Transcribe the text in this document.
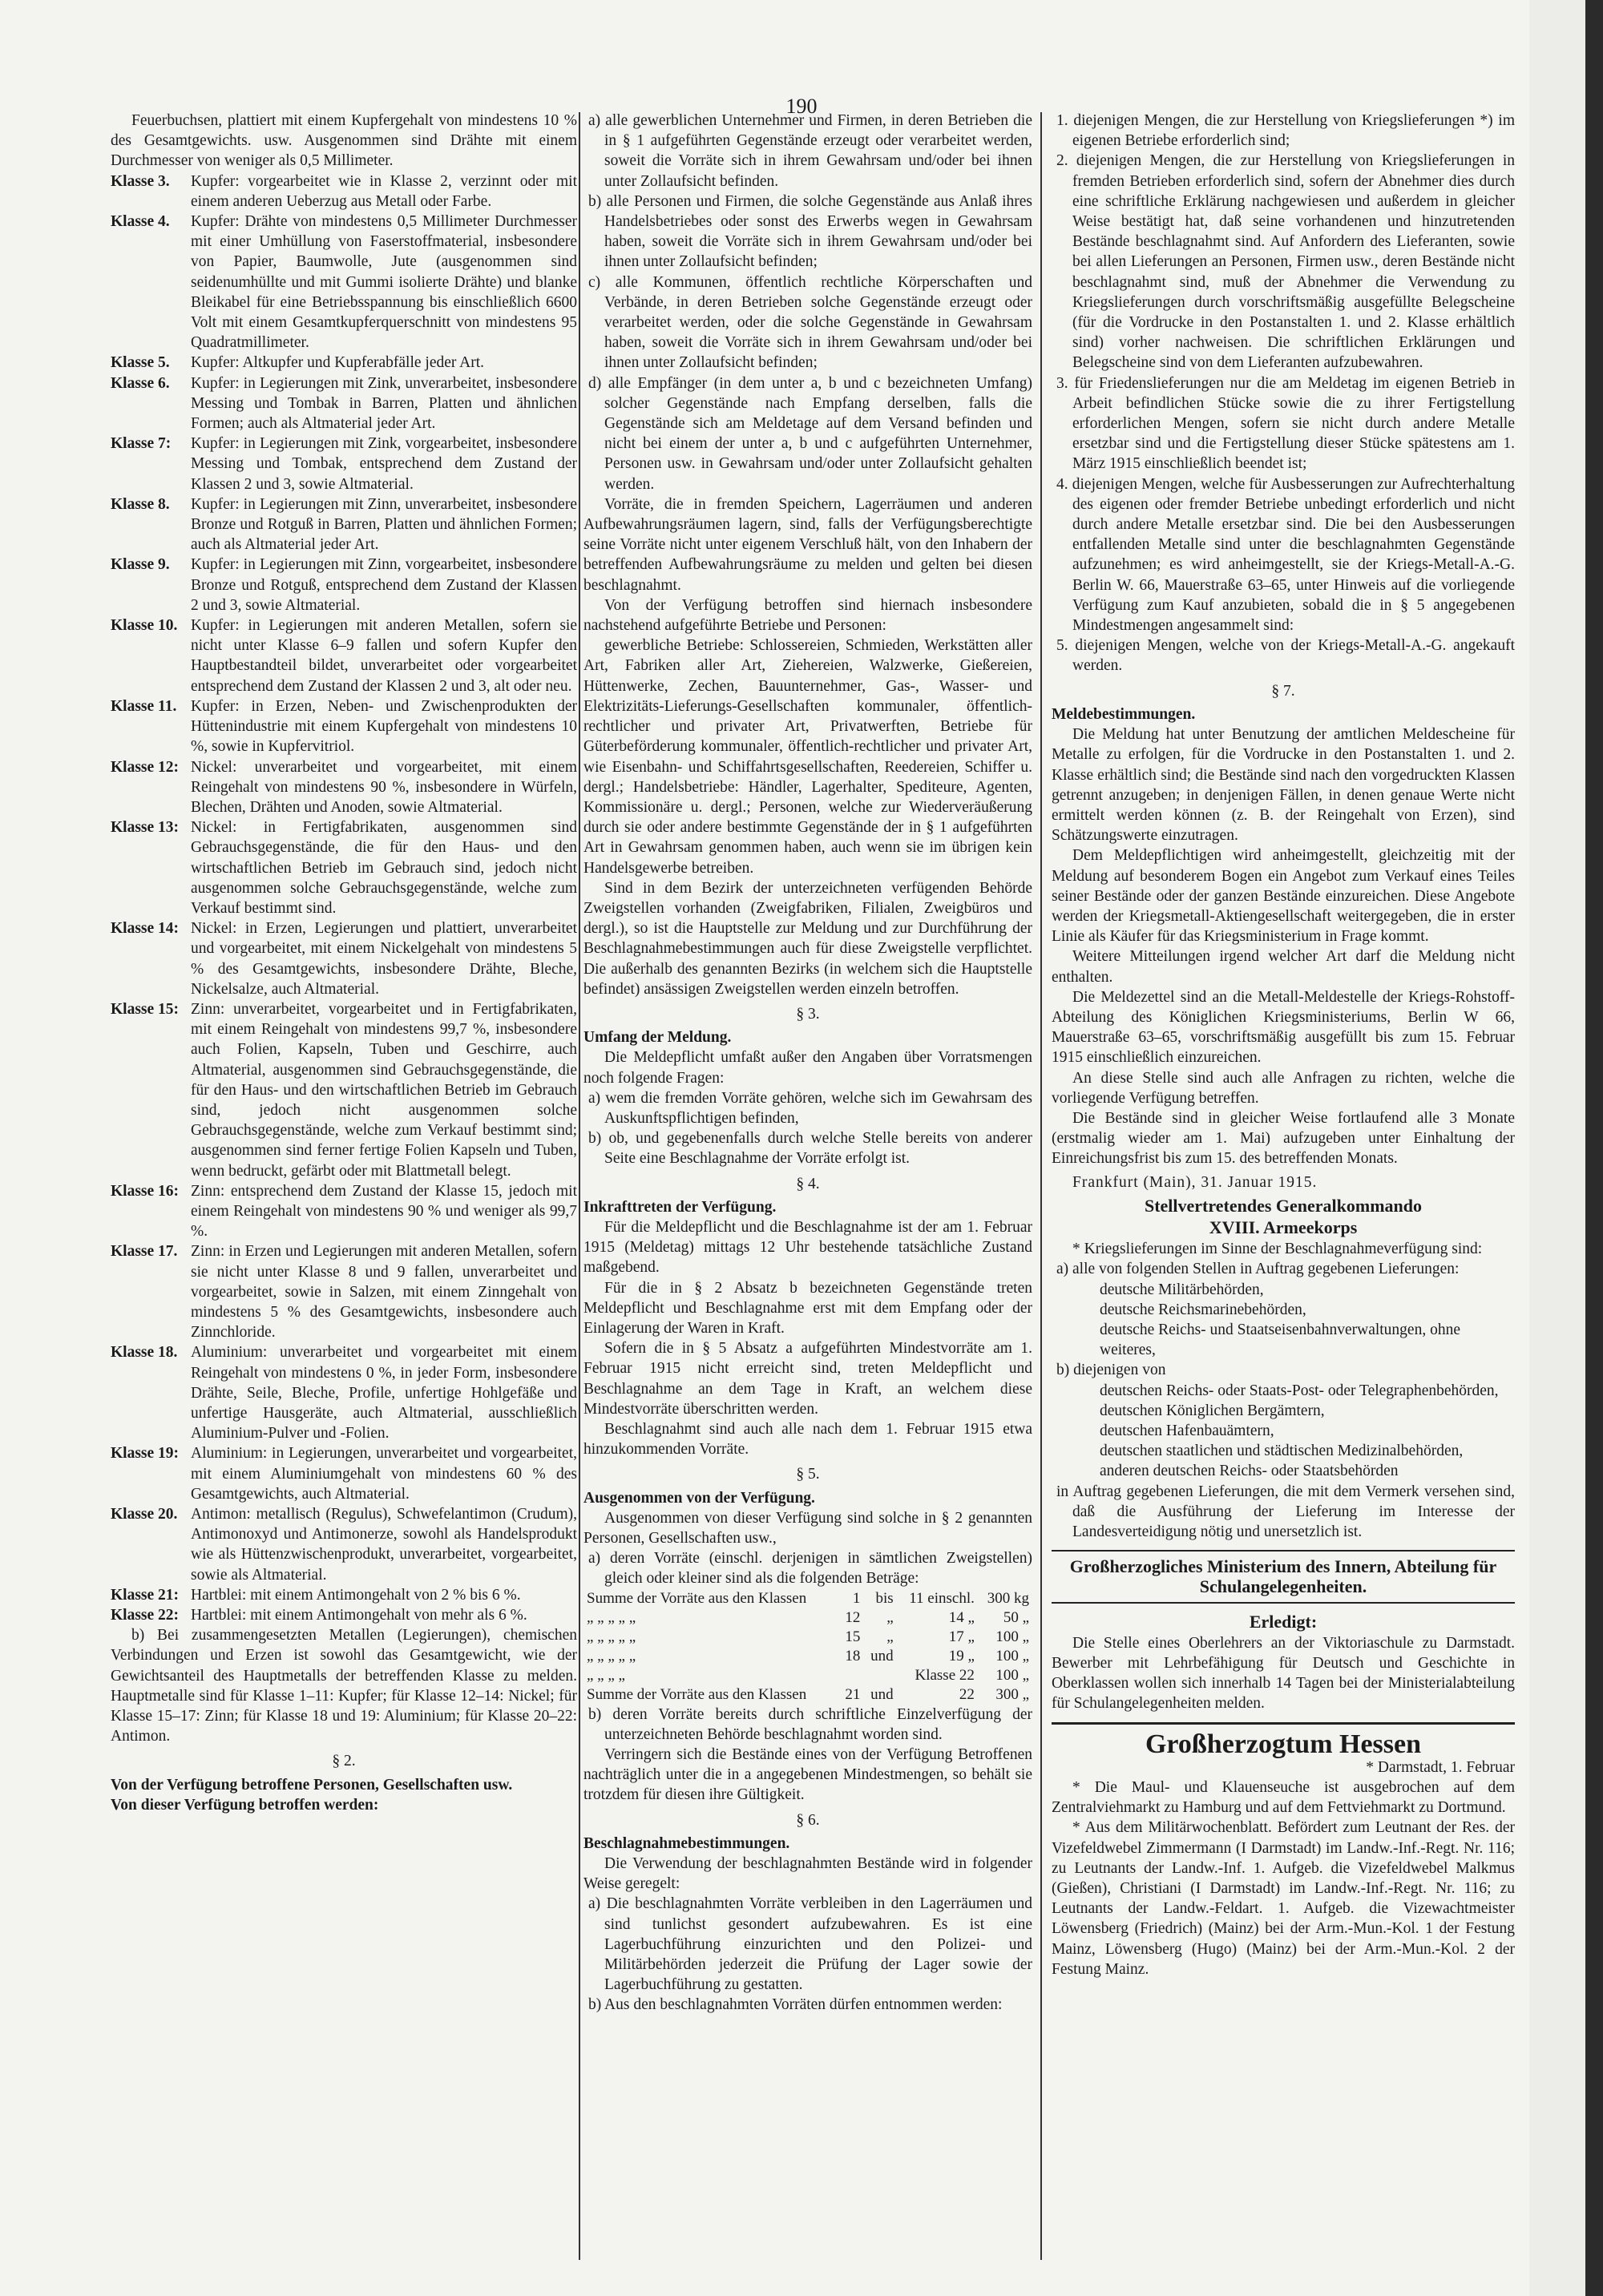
190
Feuerbuchsen, plattiert mit einem Kupfergehalt von mindestens 10 % des Gesamtgewichts. usw. Ausgenommen sind Drähte mit einem Durchmesser von weniger als 0,5 Millimeter.
Klasse 3.	Kupfer: vorgearbeitet wie in Klasse 2, verzinnt oder mit einem anderen Ueberzug aus Metall oder Farbe.
Klasse 4.	Kupfer: Drähte von mindestens 0,5 Millimeter Durchmesser mit einer Umhüllung von Faserstoffmaterial, insbesondere von Papier, Baumwolle, Jute (ausgenommen sind seidenumhüllte und mit Gummi isolierte Drähte) und blanke Bleikabel für eine Betriebsspannung bis einschließlich 6600 Volt mit einem Gesamtkupferquerschnitt von mindestens 95 Quadratmillimeter.
Klasse 5.	Kupfer: Altkupfer und Kupferabfälle jeder Art.
Klasse 6.	Kupfer: in Legierungen mit Zink, unverarbeitet, insbesondere Messing und Tombak in Barren, Platten und ähnlichen Formen; auch als Altmaterial jeder Art.
Klasse 7:	Kupfer: in Legierungen mit Zink, vorgearbeitet, insbesondere Messing und Tombak, entsprechend dem Zustand der Klassen 2 und 3, sowie Altmaterial.
Klasse 8.	Kupfer: in Legierungen mit Zinn, unverarbeitet, insbesondere Bronze und Rotguß in Barren, Platten und ähnlichen Formen; auch als Altmaterial jeder Art.
Klasse 9.	Kupfer: in Legierungen mit Zinn, vorgearbeitet, insbesondere Bronze und Rotguß, entsprechend dem Zustand der Klassen 2 und 3, sowie Altmaterial.
Klasse 10. Kupfer: in Legierungen mit anderen Metallen, sofern sie nicht unter Klasse 6–9 fallen und sofern Kupfer den Hauptbestandteil bildet, unverarbeitet oder vorgearbeitet entsprechend dem Zustand der Klassen 2 und 3, alt oder neu.
Klasse 11. Kupfer: in Erzen, Neben- und Zwischenprodukten der Hüttenindustrie mit einem Kupfergehalt von mindestens 10 %, sowie in Kupfervitriol.
Klasse 12: Nickel: unverarbeitet und vorgearbeitet, mit einem Reingehalt von mindestens 90 %, insbesondere in Würfeln, Blechen, Drähten und Anoden, sowie Altmaterial.
Klasse 13: Nickel: in Fertigfabrikaten, ausgenommen sind Gebrauchsgegenstände, die für den Haus- und den wirtschaftlichen Betrieb im Gebrauch sind, jedoch nicht ausgenommen solche Gebrauchsgegenstände, welche zum Verkauf bestimmt sind.
Klasse 14: Nickel: in Erzen, Legierungen und plattiert, unverarbeitet und vorgearbeitet, mit einem Nickelgehalt von mindestens 5 % des Gesamtgewichts, insbesondere Drähte, Bleche, Nickelsalze, auch Altmaterial.
Klasse 15: Zinn: unverarbeitet, vorgearbeitet und in Fertigfabrikaten, mit einem Reingehalt von mindestens 99,7 %, insbesondere auch Folien, Kapseln, Tuben und Geschirre, auch Altmaterial, ausgenommen sind Gebrauchsgegenstände, die für den Haus- und den wirtschaftlichen Betrieb im Gebrauch sind, jedoch nicht ausgenommen solche Gebrauchsgegenstände, welche zum Verkauf bestimmt sind; ausgenommen sind ferner fertige Folien Kapseln und Tuben, wenn bedruckt, gefärbt oder mit Blattmetall belegt.
Klasse 16: Zinn: entsprechend dem Zustand der Klasse 15, jedoch mit einem Reingehalt von mindestens 90 % und weniger als 99,7 %.
Klasse 17. Zinn: in Erzen und Legierungen mit anderen Metallen, sofern sie nicht unter Klasse 8 und 9 fallen, unverarbeitet und vorgearbeitet, sowie in Salzen, mit einem Zinngehalt von mindestens 5 % des Gesamtgewichts, insbesondere auch Zinnchloride.
Klasse 18. Aluminium: unverarbeitet und vorgearbeitet mit einem Reingehalt von mindestens 0 %, in jeder Form, insbesondere Drähte, Seile, Bleche, Profile, unfertige Hohlgefäße und unfertige Hausgeräte, auch Altmaterial, ausschließlich Aluminium-Pulver und -Folien.
Klasse 19: Aluminium: in Legierungen, unverarbeitet und vorgearbeitet, mit einem Aluminiumgehalt von mindestens 60 % des Gesamtgewichts, auch Altmaterial.
Klasse 20. Antimon: metallisch (Regulus), Schwefelantimon (Crudum), Antimonoxyd und Antimonerze, sowohl als Handelsprodukt wie als Hüttenzwischenprodukt, unverarbeitet, vorgearbeitet, sowie als Altmaterial.
Klasse 21: Hartblei: mit einem Antimongehalt von 2 % bis 6 %.
Klasse 22: Hartblei: mit einem Antimongehalt von mehr als 6 %.
b) Bei zusammengesetzten Metallen (Legierungen), chemischen Verbindungen und Erzen ist sowohl das Gesamtgewicht, wie der Gewichtsanteil des Hauptmetalls der betreffenden Klasse zu melden. Hauptmetalle sind für Klasse 1–11: Kupfer; für Klasse 12–14: Nickel; für Klasse 15–17: Zinn; für Klasse 18 und 19: Aluminium; für Klasse 20–22: Antimon.
§ 2.
Von der Verfügung betroffene Personen, Gesellschaften usw.
Von dieser Verfügung betroffen werden:
a) alle gewerblichen Unternehmer und Firmen, in deren Betrieben die in § 1 aufgeführten Gegenstände erzeugt oder verarbeitet werden, soweit die Vorräte sich in ihrem Gewahrsam und/oder bei ihnen unter Zollaufsicht befinden.
b) alle Personen und Firmen, die solche Gegenstände aus Anlaß ihres Handelsbetriebes oder sonst des Erwerbs wegen in Gewahrsam haben, soweit die Vorräte sich in ihrem Gewahrsam und/oder bei ihnen unter Zollaufsicht befinden;
c) alle Kommunen, öffentlich rechtliche Körperschaften und Verbände, in deren Betrieben solche Gegenstände erzeugt oder verarbeitet werden, oder die solche Gegenstände in Gewahrsam haben, soweit die Vorräte sich in ihrem Gewahrsam und/oder bei ihnen unter Zollaufsicht befinden;
d) alle Empfänger (in dem unter a, b und c bezeichneten Umfang) solcher Gegenstände nach Empfang derselben, falls die Gegenstände sich am Meldetage auf dem Versand befinden und nicht bei einem der unter a, b und c aufgeführten Unternehmer, Personen usw. in Gewahrsam und/oder unter Zollaufsicht gehalten werden.
Vorräte, die in fremden Speichern, Lagerräumen und anderen Aufbewahrungsräumen lagern, sind, falls der Verfügungsberechtigte seine Vorräte nicht unter eigenem Verschluß hält, von den Inhabern der betreffenden Aufbewahrungsräume zu melden und gelten bei diesen beschlagnahmt.
Von der Verfügung betroffen sind hiernach insbesondere nachstehend aufgeführte Betriebe und Personen:
gewerbliche Betriebe: Schlossereien, Schmieden, Werkstätten aller Art, Fabriken aller Art, Ziehereien, Walzwerke, Gießereien, Hüttenwerke, Zechen, Bauunternehmer, Gas-, Wasser- und Elektrizitäts-Lieferungs-Gesellschaften kommunaler, öffentlich-rechtlicher und privater Art, Privatwerften, Betriebe für Güterbeförderung kommunaler, öffentlich-rechtlicher und privater Art, wie Eisenbahn- und Schiffahrtsgesellschaften, Reedereien, Schiffer u. dergl.; Handelsbetriebe: Händler, Lagerhalter, Spediteure, Agenten, Kommissionäre u. dergl.; Personen, welche zur Wiederveräußerung durch sie oder andere bestimmte Gegenstände der in § 1 aufgeführten Art in Gewahrsam genommen haben, auch wenn sie im übrigen kein Handelsgewerbe betreiben.
Sind in dem Bezirk der unterzeichneten verfügenden Behörde Zweigstellen vorhanden (Zweigfabriken, Filialen, Zweigbüros und dergl.), so ist die Hauptstelle zur Meldung und zur Durchführung der Beschlagnahmebestimmungen auch für diese Zweigstelle verpflichtet. Die außerhalb des genannten Bezirks (in welchem sich die Hauptstelle befindet) ansässigen Zweigstellen werden einzeln betroffen.
§ 3.
Umfang der Meldung.
Die Meldepflicht umfaßt außer den Angaben über Vorratsmengen noch folgende Fragen:
a) wem die fremden Vorräte gehören, welche sich im Gewahrsam des Auskunftspflichtigen befinden,
b) ob, und gegebenenfalls durch welche Stelle bereits von anderer Seite eine Beschlagnahme der Vorräte erfolgt ist.
§ 4.
Inkrafttreten der Verfügung.
Für die Meldepflicht und die Beschlagnahme ist der am 1. Februar 1915 (Meldetag) mittags 12 Uhr bestehende tatsächliche Zustand maßgebend.
Für die in § 2 Absatz b bezeichneten Gegenstände treten Meldepflicht und Beschlagnahme erst mit dem Empfang oder der Einlagerung der Waren in Kraft.
Sofern die in § 5 Absatz a aufgeführten Mindestvorräte am 1. Februar 1915 nicht erreicht sind, treten Meldepflicht und Beschlagnahme an dem Tage in Kraft, an welchem diese Mindestvorräte überschritten werden.
Beschlagnahmt sind auch alle nach dem 1. Februar 1915 etwa hinzukommenden Vorräte.
§ 5.
Ausgenommen von der Verfügung.
Ausgenommen von dieser Verfügung sind solche in § 2 genannten Personen, Gesellschaften usw.,
a) deren Vorräte (einschl. derjenigen in sämtlichen Zweigstellen) gleich oder kleiner sind als die folgenden Beträge:
Summe der Vorräte aus den Klassen	1	bis	11 einschl.	300 kg
„ „ „ „ „	12	„	14 „	50 „
„ „ „ „ „	15	„	17 „	100 „
„ „ „ „ „	18	und	19 „	100 „
„ „ „ „			Klasse 22	100 „
Summe der Vorräte aus den Klassen	21	und	22	300 „
b) deren Vorräte bereits durch schriftliche Einzelverfügung der unterzeichneten Behörde beschlagnahmt worden sind.
Verringern sich die Bestände eines von der Verfügung Betroffenen nachträglich unter die in a angegebenen Mindestmengen, so behält sie trotzdem für diesen ihre Gültigkeit.
§ 6.
Beschlagnahmebestimmungen.
Die Verwendung der beschlagnahmten Bestände wird in folgender Weise geregelt:
a) Die beschlagnahmten Vorräte verbleiben in den Lagerräumen und sind tunlichst gesondert aufzubewahren. Es ist eine Lagerbuchführung einzurichten und den Polizei- und Militärbehörden jederzeit die Prüfung der Lager sowie der Lagerbuchführung zu gestatten.
b) Aus den beschlagnahmten Vorräten dürfen entnommen werden:
1. diejenigen Mengen, die zur Herstellung von Kriegslieferungen *) im eigenen Betriebe erforderlich sind;
2. diejenigen Mengen, die zur Herstellung von Kriegslieferungen in fremden Betrieben erforderlich sind, sofern der Abnehmer dies durch eine schriftliche Erklärung nachgewiesen und außerdem in gleicher Weise bestätigt hat, daß seine vorhandenen und hinzutretenden Bestände beschlagnahmt sind. Auf Anfordern des Lieferanten, sowie bei allen Lieferungen an Personen, Firmen usw., deren Bestände nicht beschlagnahmt sind, muß der Abnehmer die Verwendung zu Kriegslieferungen durch vorschriftsmäßig ausgefüllte Belegscheine (für die Vordrucke in den Postanstalten 1. und 2. Klasse erhältlich sind) vorher nachweisen. Die schriftlichen Erklärungen und Belegscheine sind von dem Lieferanten aufzubewahren.
3. für Friedenslieferungen nur die am Meldetag im eigenen Betrieb in Arbeit befindlichen Stücke sowie die zu ihrer Fertigstellung erforderlichen Mengen, sofern sie nicht durch andere Metalle ersetzbar sind und die Fertigstellung dieser Stücke spätestens am 1. März 1915 einschließlich beendet ist;
4. diejenigen Mengen, welche für Ausbesserungen zur Aufrechterhaltung des eigenen oder fremder Betriebe unbedingt erforderlich und nicht durch andere Metalle ersetzbar sind. Die bei den Ausbesserungen entfallenden Metalle sind unter die beschlagnahmten Gegenstände aufzunehmen; es wird anheimgestellt, sie der Kriegs-Metall-A.-G. Berlin W. 66, Mauerstraße 63–65, unter Hinweis auf die vorliegende Verfügung zum Kauf anzubieten, sobald die in § 5 angegebenen Mindestmengen angesammelt sind:
5. diejenigen Mengen, welche von der Kriegs-Metall-A.-G. angekauft werden.
§ 7.
Meldebestimmungen.
Die Meldung hat unter Benutzung der amtlichen Meldescheine für Metalle zu erfolgen, für die Vordrucke in den Postanstalten 1. und 2. Klasse erhältlich sind; die Bestände sind nach den vorgedruckten Klassen getrennt anzugeben; in denjenigen Fällen, in denen genaue Werte nicht ermittelt werden können (z. B. der Reingehalt von Erzen), sind Schätzungswerte einzutragen.
Dem Meldepflichtigen wird anheimgestellt, gleichzeitig mit der Meldung auf besonderem Bogen ein Angebot zum Verkauf eines Teiles seiner Bestände oder der ganzen Bestände einzureichen. Diese Angebote werden der Kriegsmetall-Aktiengesellschaft weitergegeben, die in erster Linie als Käufer für das Kriegsministerium in Frage kommt.
Weitere Mitteilungen irgend welcher Art darf die Meldung nicht enthalten.
Die Meldezettel sind an die Metall-Meldestelle der Kriegs-Rohstoff-Abteilung des Königlichen Kriegsministeriums, Berlin W 66, Mauerstraße 63–65, vorschriftsmäßig ausgefüllt bis zum 15. Februar 1915 einschließlich einzureichen.
An diese Stelle sind auch alle Anfragen zu richten, welche die vorliegende Verfügung betreffen.
Die Bestände sind in gleicher Weise fortlaufend alle 3 Monate (erstmalig wieder am 1. Mai) aufzugeben unter Einhaltung der Einreichungsfrist bis zum 15. des betreffenden Monats.
Frankfurt (Main), 31. Januar 1915.
Stellvertretendes Generalkommando
XVIII. Armeekorps
* Kriegslieferungen im Sinne der Beschlagnahmeverfügung sind:
a) alle von folgenden Stellen in Auftrag gegebenen Lieferungen:
deutsche Militärbehörden,
deutsche Reichsmarinebehörden,
deutsche Reichs- und Staatseisenbahnverwaltungen, ohne weiteres,
b) diejenigen von
deutschen Reichs- oder Staats-Post- oder Telegraphenbehörden,
deutschen Königlichen Bergämtern,
deutschen Hafenbauämtern,
deutschen staatlichen und städtischen Medizinalbehörden,
anderen deutschen Reichs- oder Staatsbehörden
in Auftrag gegebenen Lieferungen, die mit dem Vermerk versehen sind, daß die Ausführung der Lieferung im Interesse der Landesverteidigung nötig und unersetzlich ist.
Großherzogliches Ministerium des Innern, Abteilung für Schulangelegenheiten.
Erledigt:
Die Stelle eines Oberlehrers an der Viktoriaschule zu Darmstadt. Bewerber mit Lehrbefähigung für Deutsch und Geschichte in Oberklassen wollen sich innerhalb 14 Tagen bei der Ministerialabteilung für Schulangelegenheiten melden.
Großherzogtum Hessen
* Darmstadt, 1. Februar
* Die Maul- und Klauenseuche ist ausgebrochen auf dem Zentralviehmarkt zu Hamburg und auf dem Fettviehmarkt zu Dortmund.
* Aus dem Militärwochenblatt. Befördert zum Leutnant der Res. der Vizefeldwebel Zimmermann (I Darmstadt) im Landw.-Inf.-Regt. Nr. 116; zu Leutnants der Landw.-Inf. 1. Aufgeb. die Vizefeldwebel Malkmus (Gießen), Christiani (I Darmstadt) im Landw.-Inf.-Regt. Nr. 116; zu Leutnants der Landw.-Feldart. 1. Aufgeb. die Vizewachtmeister Löwensberg (Friedrich) (Mainz) bei der Arm.-Mun.-Kol. 1 der Festung Mainz, Löwensberg (Hugo) (Mainz) bei der Arm.-Mun.-Kol. 2 der Festung Mainz.
